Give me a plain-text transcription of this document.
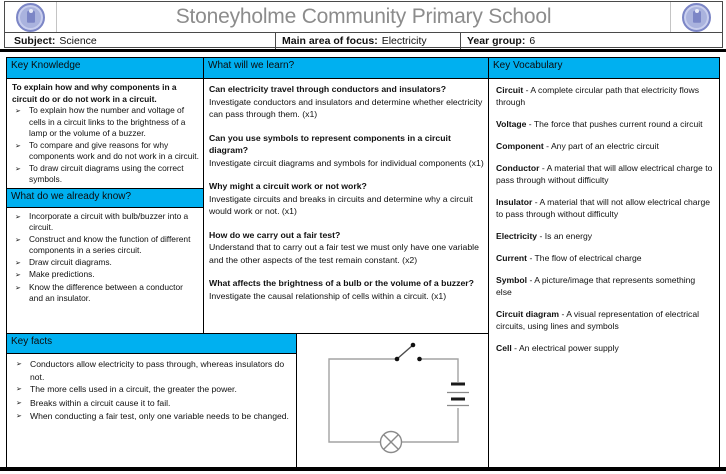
Stoneyholme Community Primary School
Subject: Science	Main area of focus: Electricity	Year group: 6
Key Knowledge
To explain how and why components in a circuit do or do not work in a circuit.
➢ To explain how the number and voltage of cells in a circuit links to the brightness of a lamp or the volume of a buzzer.
➢ To compare and give reasons for why components work and do not work in a circuit.
➢ To draw circuit diagrams using the correct symbols.
What do we already know?
➢ Incorporate a circuit with bulb/buzzer into a circuit.
➢ Construct and know the function of different components in a series circuit.
➢ Draw circuit diagrams.
➢ Make predictions.
➢ Know the difference between a conductor and an insulator.
What will we learn?
Can electricity travel through conductors and insulators?
Investigate conductors and insulators and determine whether electricity can pass through them. (x1)
Can you use symbols to represent components in a circuit diagram?
Investigate circuit diagrams and symbols for individual components (x1)
Why might a circuit work or not work?
Investigate circuits and breaks in circuits and determine why a circuit would work or not. (x1)
How do we carry out a fair test?
Understand that to carry out a fair test we must only have one variable and the other aspects of the test remain constant. (x2)
What affects the brightness of a bulb or the volume of a buzzer?
Investigate the causal relationship of cells within a circuit. (x1)
Key Vocabulary
Circuit - A complete circular path that electricity flows through
Voltage - The force that pushes current round a circuit
Component - Any part of an electric circuit
Conductor - A material that will allow electrical charge to pass through without difficulty
Insulator - A material that will not allow electrical charge to pass through without difficulty
Electricity - Is an energy
Current - The flow of electrical charge
Symbol - A picture/image that represents something else
Circuit diagram - A visual representation of electrical circuits, using lines and symbols
Cell - An electrical power supply
Key facts
➢ Conductors allow electricity to pass through, whereas insulators do not.
➢ The more cells used in a circuit, the greater the power.
➢ Breaks within a circuit cause it to fail.
➢ When conducting a fair test, only one variable needs to be changed.
